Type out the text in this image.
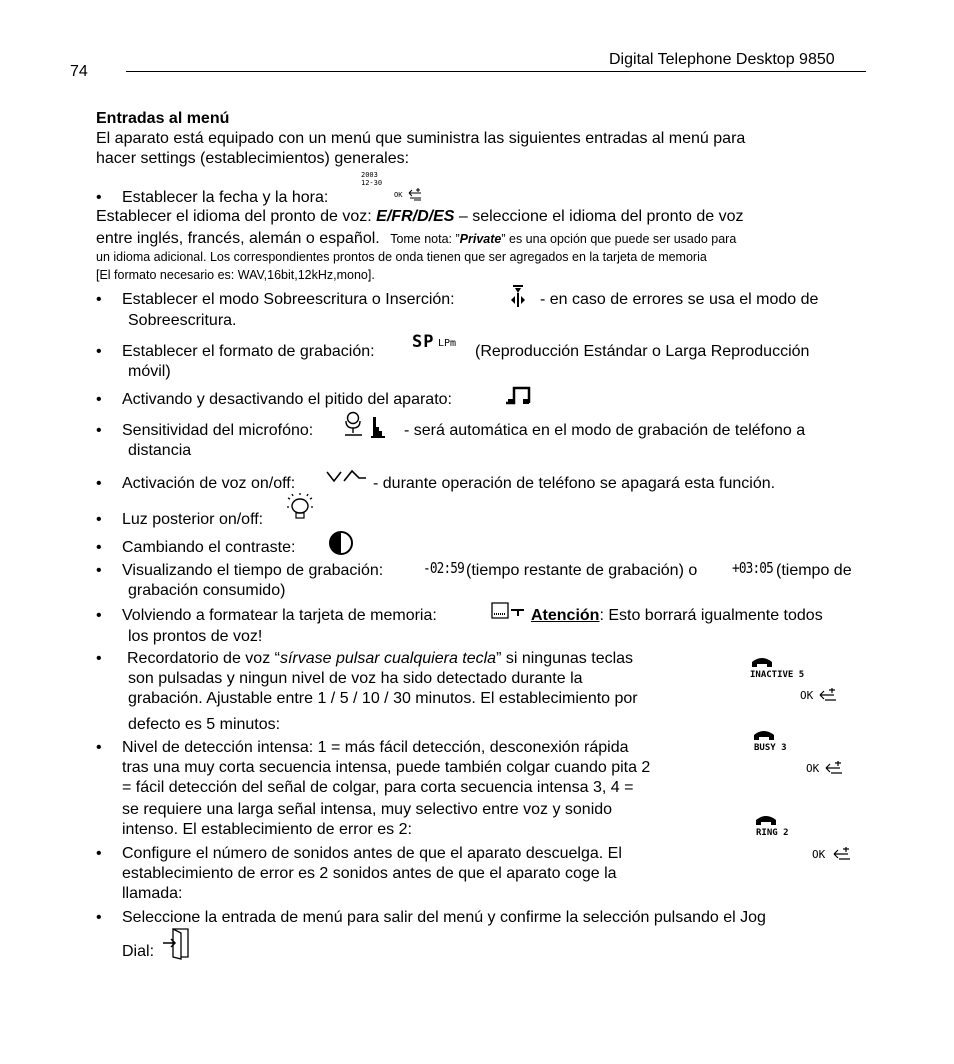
74
Digital Telephone Desktop 9850
Entradas al menú
El aparato está equipado con un menú que suministra las siguientes entradas al menú para
hacer settings (establecimientos) generales:
• Establecer la fecha y la hora:
2003
12-30
OK
Establecer el idioma del pronto de voz: E/FR/D/ES – seleccione el idioma del pronto de voz
entre inglés, francés, alemán o español. Tome nota: ”Private” es una opción que puede ser usado para
un idioma adicional. Los correspondientes prontos de onda tienen que ser agregados en la tarjeta de memoria
[El formato necesario es: WAV,16bit,12kHz,mono].
• Establecer el modo Sobreescritura o Inserción:	- en caso de errores se usa el modo de
Sobreescritura.
• Establecer el formato de grabación: SP LPm (Reproducción Estándar o Larga Reproducción
móvil)
• Activando y desactivando el pitido del aparato:
• Sensitividad del microfóno:	- será automática en el modo de grabación de teléfono a
distancia
• Activación de voz on/off:	- durante operación de teléfono se apagará esta función.
• Luz posterior on/off:
• Cambiando el contraste:
• Visualizando el tiempo de grabación:	-02:59 (tiempo restante de grabación) o +03:05 (tiempo de
grabación consumido)
• Volviendo a formatear la tarjeta de memoria:	Atención: Esto borrará igualmente todos
los prontos de voz!
• Recordatorio de voz “sírvase pulsar cualquiera tecla” si ningunas teclas
son pulsadas y ningun nivel de voz ha sido detectado durante la
grabación. Ajustable entre 1 / 5 / 10 / 30 minutos. El establecimiento por
defecto es 5 minutos:
• Nivel de detección intensa: 1 = más fácil detección, desconexión rápida
tras una muy corta secuencia intensa, puede también colgar cuando pita 2
= fácil detección del señal de colgar, para corta secuencia intensa 3, 4 =
se requiere una larga señal intensa, muy selectivo entre voz y sonido
intenso. El establecimiento de error es 2:
• Configure el número de sonidos antes de que el aparato descuelga. El
establecimiento de error es 2 sonidos antes de que el aparato coge la
llamada:
• Seleccione la entrada de menú para salir del menú y confirme la selección pulsando el Jog
Dial:
INACTIVE 5
OK
BUSY 3
OK
RING 2
OK
